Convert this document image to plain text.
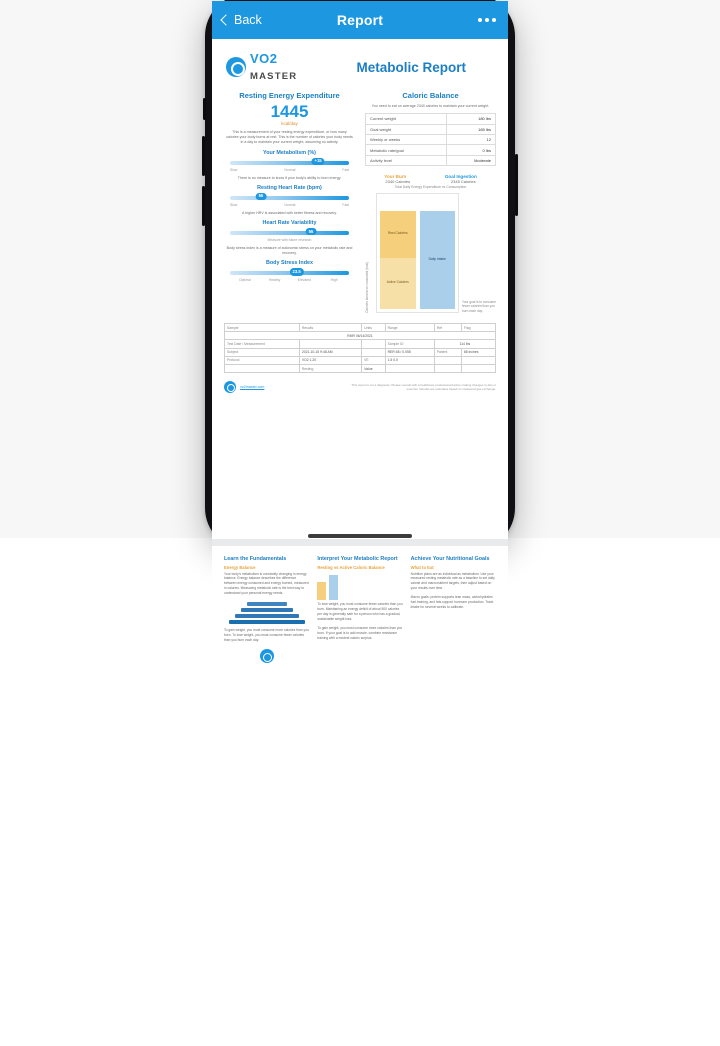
Back	Report
VO2
MASTER
Metabolic Report
Resting Energy Expenditure
1445
kcal/day
This is a measurement of your resting energy expenditure, or how many calories your body burns at rest. This is the number of calories your body needs in a day to maintain your current weight, assuming no activity.
Your Metabolism (%)
+15
Slow	Normal	Fast
There is no measure to know if your body's ability to burn energy.
Resting Heart Rate (bpm)
55
Slow	Normal	Fast
A higher HRV is associated with better fitness and recovery.
Heart Rate Variability
55
Measure with future research
Body stress index is a measure of autonomic stress on your metabolic rate and recovery.
Body Stress Index
23.5
Optimal	Healthy	Elevated	High
Caloric Balance
You need to eat on average 2340 calories to maintain your current weight.
Current weight	180 lbs
Goal weight	165 lbs
Weekly or weeks	12
Metabolic rate/goal	0 lbs
Activity level	Moderate
Your Burn	Goal Ingestion
2340 Calories	2345 Calories
Total Daily Energy Expenditure vs Consumption
Calories burned vs consumed (kcal)
Rest Calories
Active Calories
Daily Intake
Your goal is to consume fewer calories than you burn each day.
Sample	Results	Units	Range	Ref	Flag
RMR 06/14/2021					
Test Date / Measurement			Sample ID	114 lbs	
Subject	2021-10-15 9:48 AM		RER 68 / 0.055	Patient	68 inches
Protocol	VO2 1.20	VE	1.5 0.0		
	Resting	Value			
vo2master.com
This report is not a diagnosis. Please consult with a healthcare professional before making changes to diet or exercise. Results are estimates based on measured gas exchange.
Learn the Fundamentals
Energy Balance
Your body's metabolism is constantly changing in energy balance. Energy balance describes the difference between energy consumed and energy burned, measured in calories. Measuring metabolic rate is the best way to understand your personal energy needs.
To gain weight, you must consume more calories than you burn. To lose weight, you must consume fewer calories than you burn each day.
Interpret Your Metabolic Report
Resting vs Active Caloric Balance
To lose weight, you must consume fewer calories than you burn. Maintaining an energy deficit of about 500 calories per day is generally safe for a person who has a gradual, sustainable weight loss.
To gain weight, you must consume more calories than you burn. If your goal is to add muscle, combine resistance training with a modest caloric surplus.
Achieve Your Nutritional Goals
What to Eat
Nutrition plans are as individual as metabolism. Use your measured resting metabolic rate as a baseline to set daily calorie and macronutrient targets, then adjust based on your results over time.
Macro goals: protein supports lean mass, carbohydrates fuel training, and fats support hormone production. Track intake for several weeks to calibrate.
